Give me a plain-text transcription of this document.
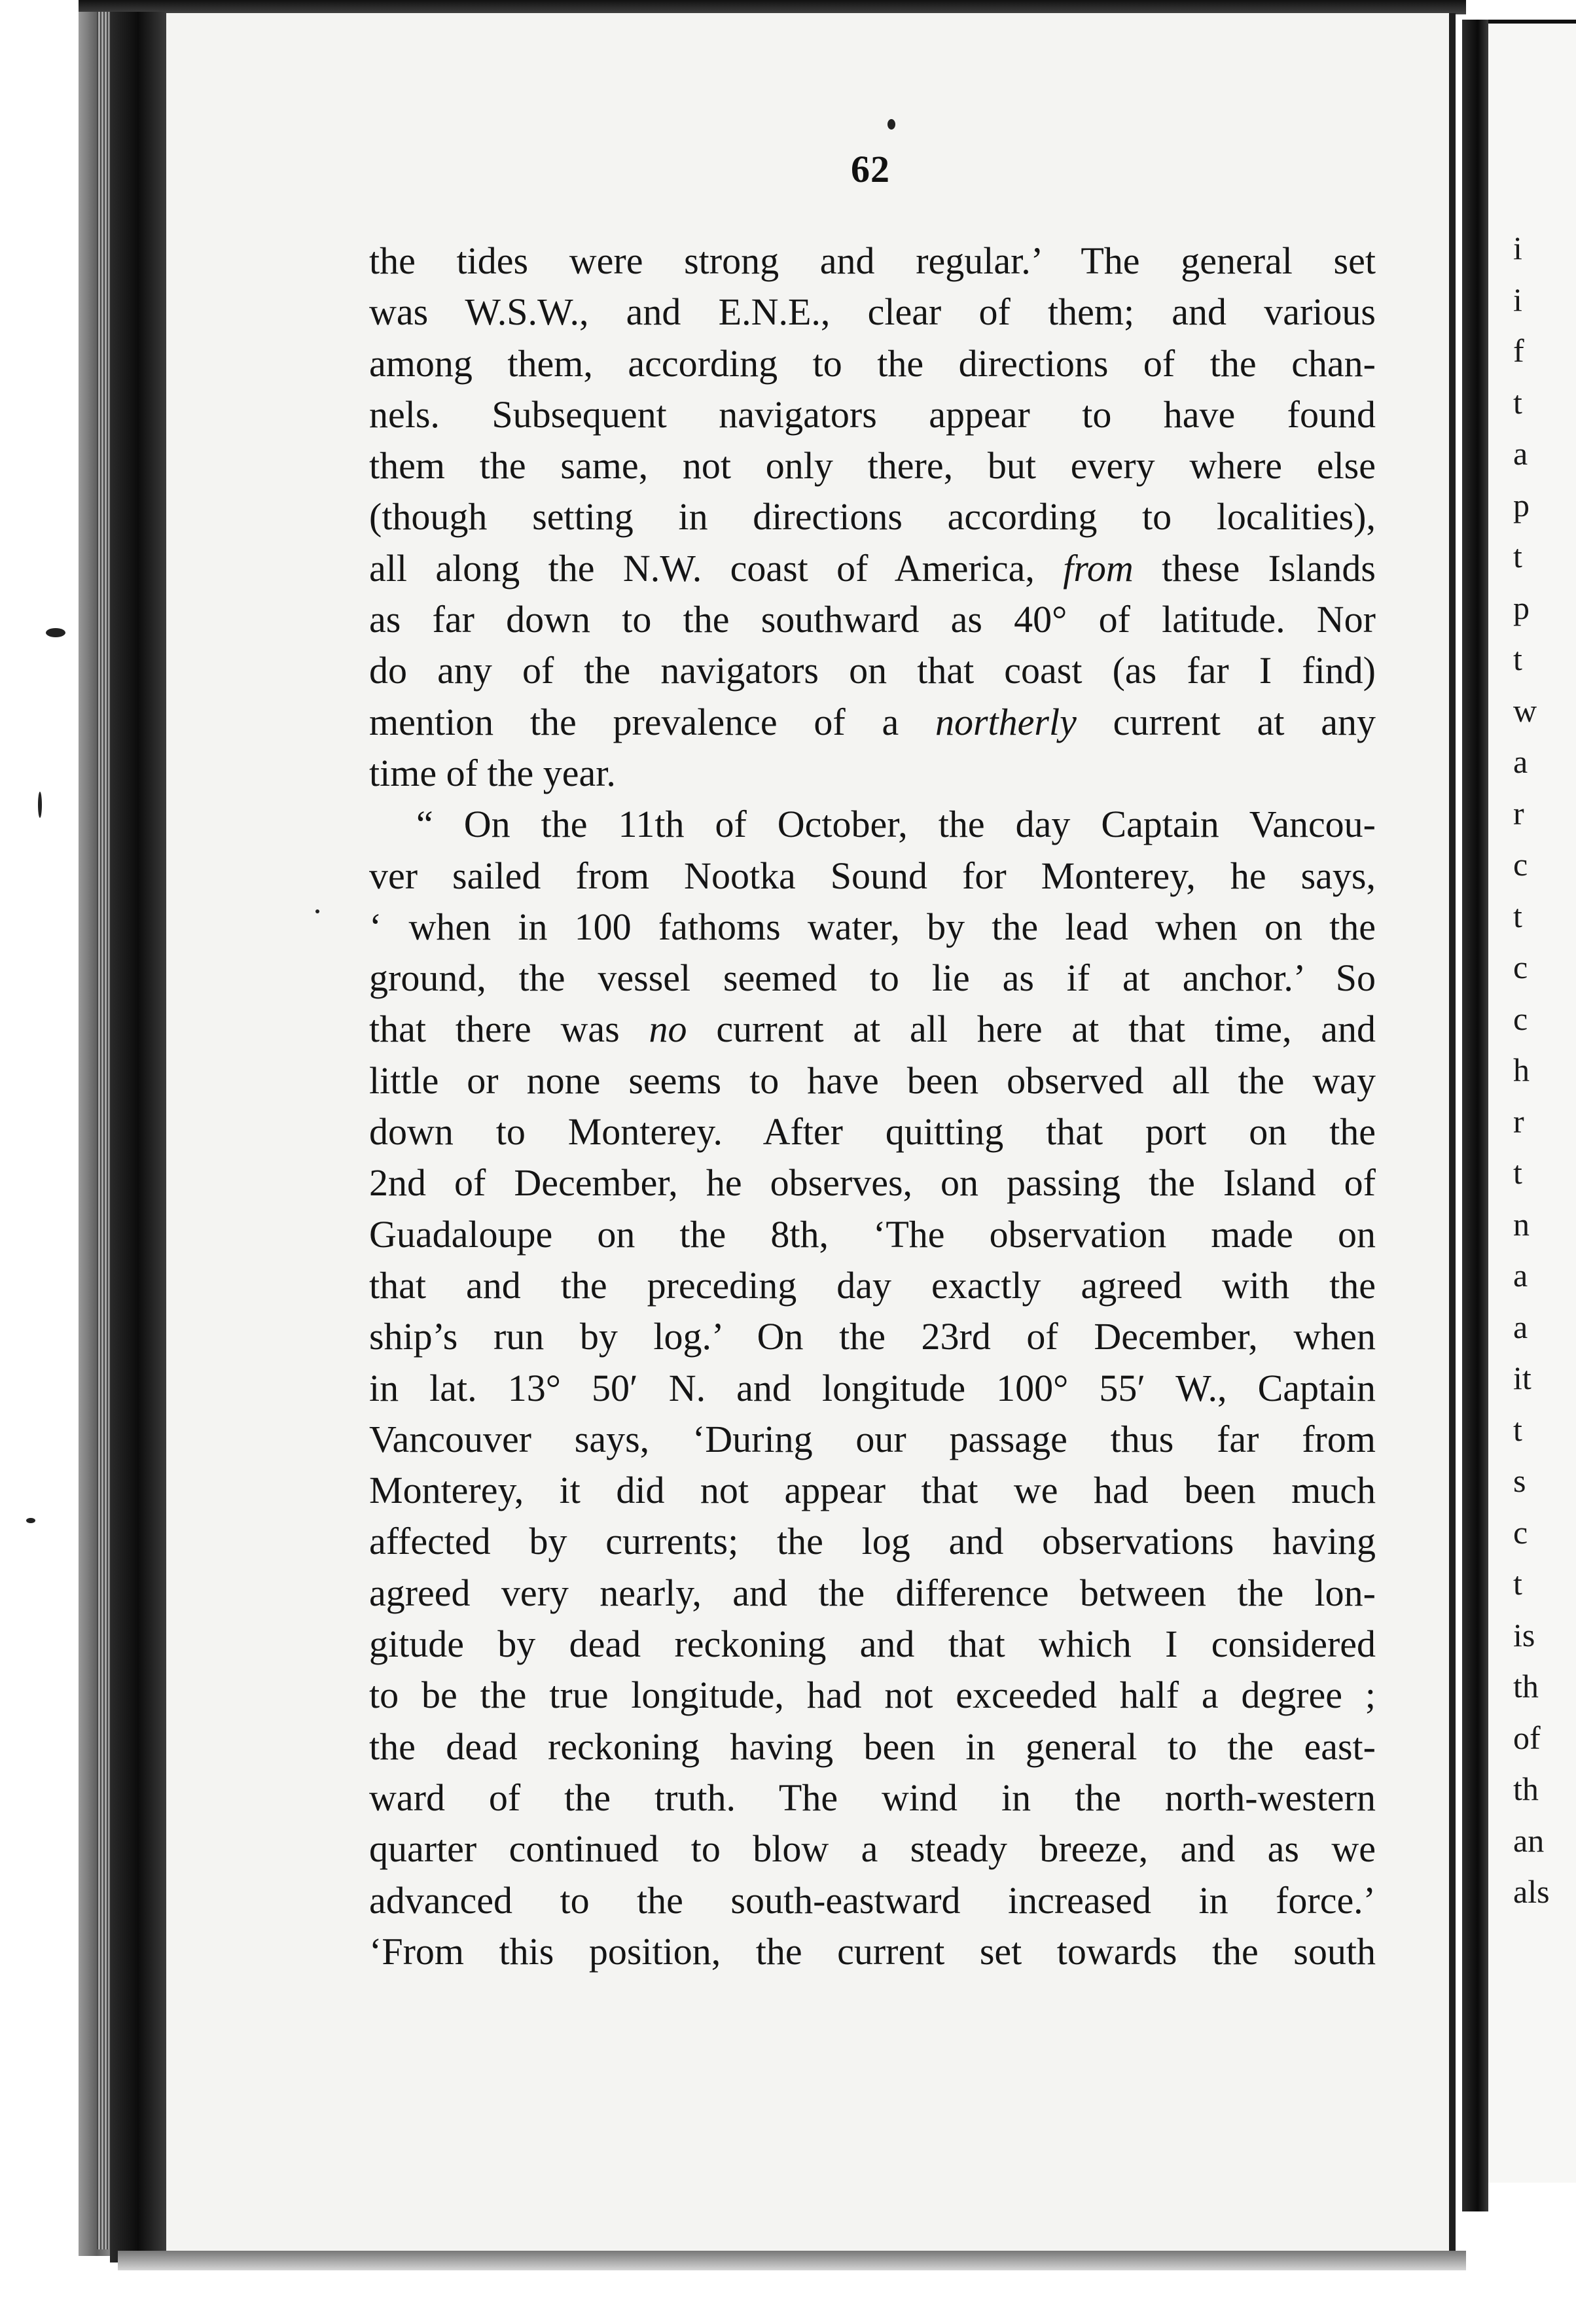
i
i
f
t
a
p
t
p
t
w
a
r
c
t
c
c
h
r
t
n
a
a
it
t
s
c
t
is
th
of
th
an
als
62
the tides were strong and regular.’ The general set
was W.S.W., and E.N.E., clear of them; and various
among them, according to the directions of the chan-
nels. Subsequent navigators appear to have found
them the same, not only there, but every where else
(though setting in directions according to localities),
all along the N.W. coast of America, from these Islands
as far down to the southward as 40° of latitude. Nor
do any of the navigators on that coast (as far I find)
mention the prevalence of a northerly current at any
time of the year.
“ On the 11th of October, the day Captain Vancou-
ver sailed from Nootka Sound for Monterey, he says,
‘ when in 100 fathoms water, by the lead when on the
ground, the vessel seemed to lie as if at anchor.’ So
that there was no current at all here at that time, and
little or none seems to have been observed all the way
down to Monterey. After quitting that port on the
2nd of December, he observes, on passing the Island of
Guadaloupe on the 8th, ‘The observation made on
that and the preceding day exactly agreed with the
ship’s run by log.’ On the 23rd of December, when
in lat. 13° 50′ N. and longitude 100° 55′ W., Captain
Vancouver says, ‘During our passage thus far from
Monterey, it did not appear that we had been much
affected by currents; the log and observations having
agreed very nearly, and the difference between the lon-
gitude by dead reckoning and that which I considered
to be the true longitude, had not exceeded half a degree ;
the dead reckoning having been in general to the east-
ward of the truth. The wind in the north-western
quarter continued to blow a steady breeze, and as we
advanced to the south-eastward increased in force.’
‘From this position, the current set towards the south
